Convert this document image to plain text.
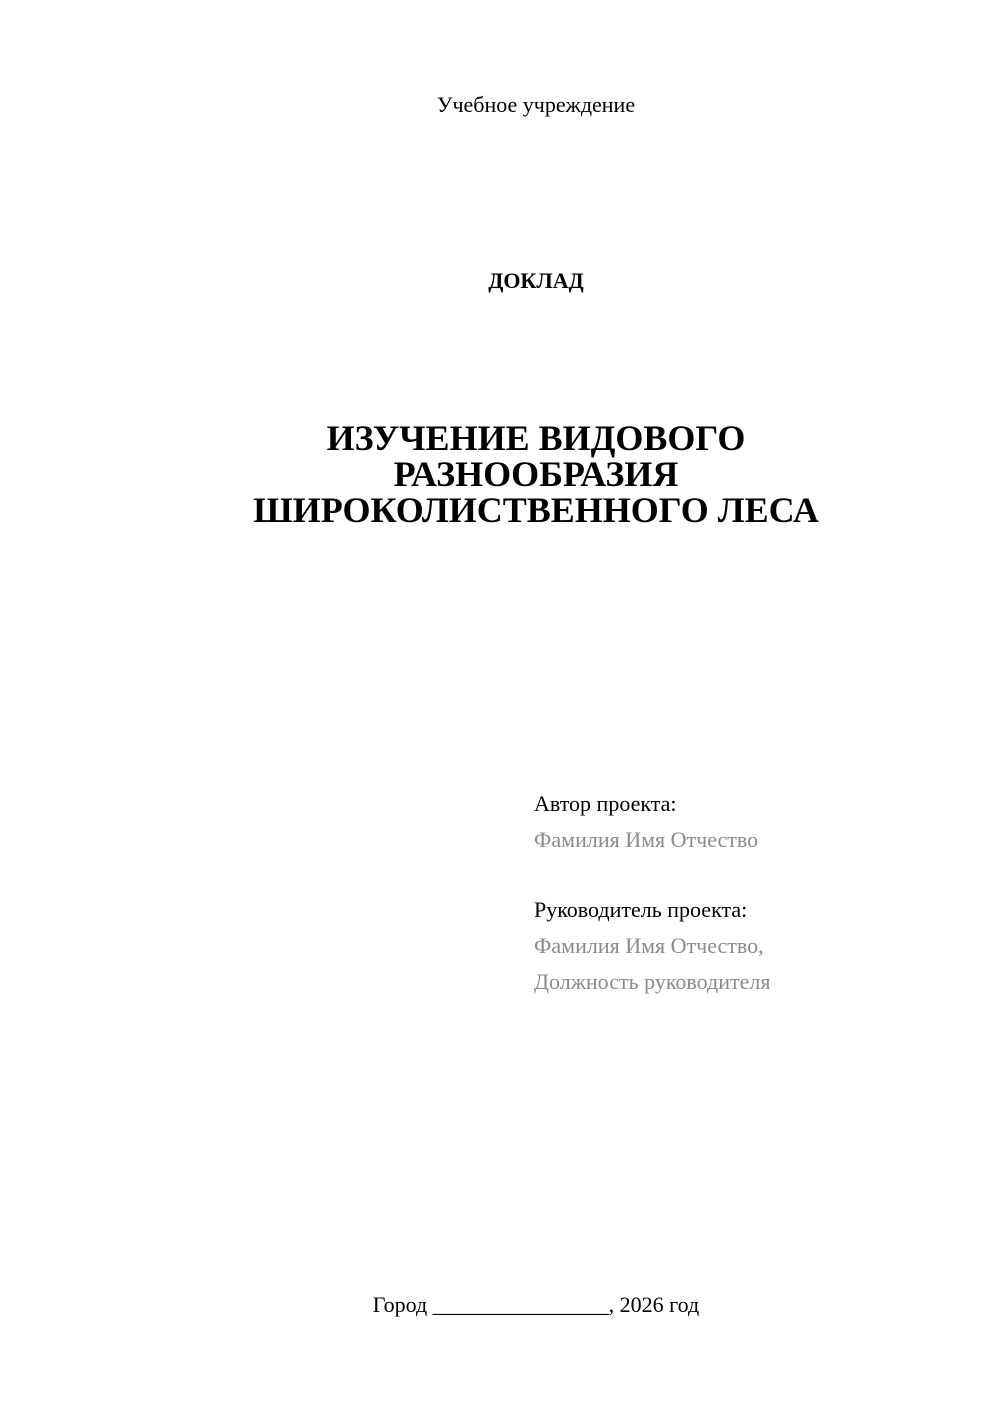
Учебное учреждение
ДОКЛАД
ИЗУЧЕНИЕ ВИДОВОГО
РАЗНООБРАЗИЯ
ШИРОКОЛИСТВЕННОГО ЛЕСА
Автор проекта:
Фамилия Имя Отчество
Руководитель проекта:
Фамилия Имя Отчество,
Должность руководителя
Город ________________, 2026 год
